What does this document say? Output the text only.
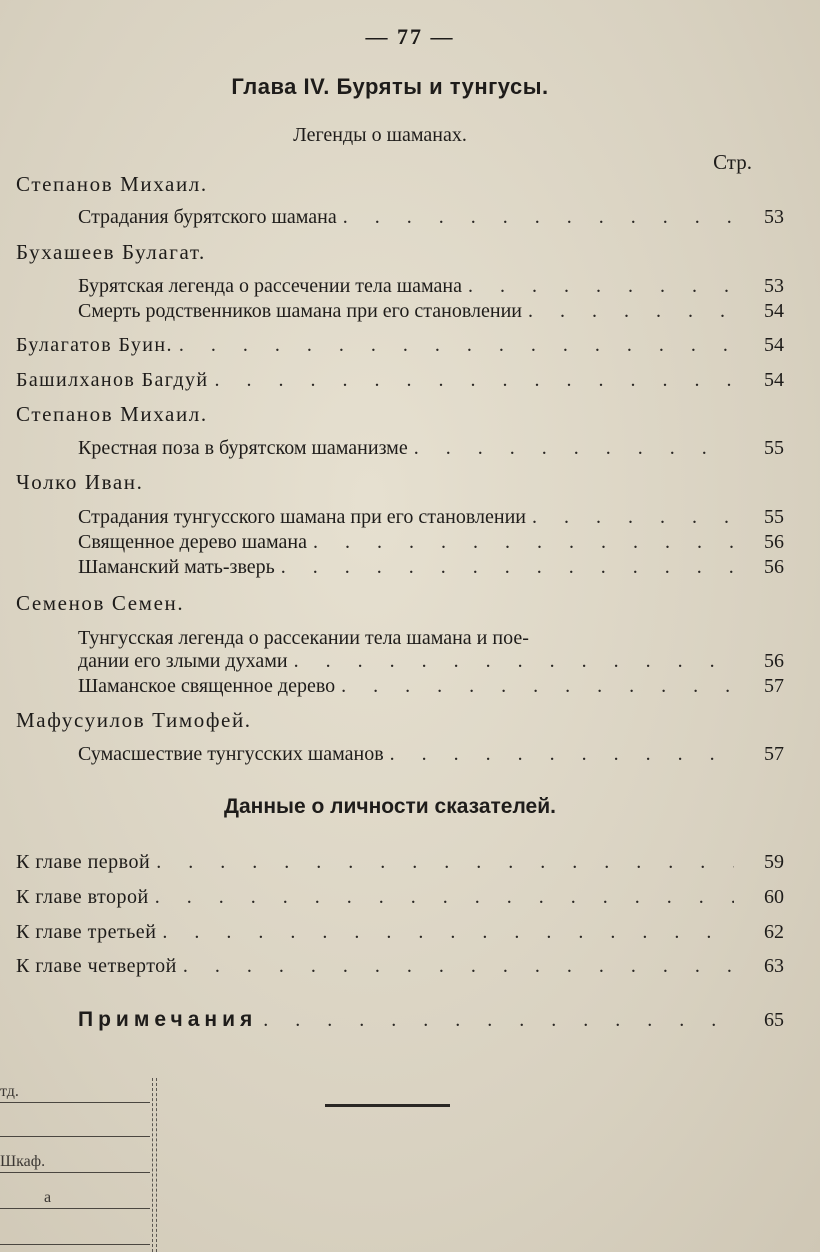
— 77 —
Глава IV. Буряты и тунгусы.
Легенды о шаманах.
Стр.
Степанов Михаил.
Страдания бурятского шамана . . .	53
Бухашеев Булагат.
Бурятская легенда о рассечении тела шамана . . .	53
Смерть родственников шамана при его становлении . . .	54
Булагатов Буин. . . .	54
Башилханов Багдуй . . .	54
Степанов Михаил.
Крестная поза в бурятском шаманизме . . .	55
Чолко Иван.
Страдания тунгусского шамана при его становлении . . .	55
Священное дерево шамана . . .	56
Шаманский мать-зверь . . .	56
Семенов Семен.
Тунгусская легенда о рассекании тела шамана и пое-
дании его злыми духами . . .	56
Шаманское священное дерево . . .	57
Мафусуилов Тимофей.
Сумасшествие тунгусских шаманов . . .	57
Данные о личности сказателей.
К главе первой . . .	59
К главе второй . . .	60
К главе третьей . . .	62
К главе четвертой . . .	63
Примечания . . .	65
тд.
Шкаф.
а
